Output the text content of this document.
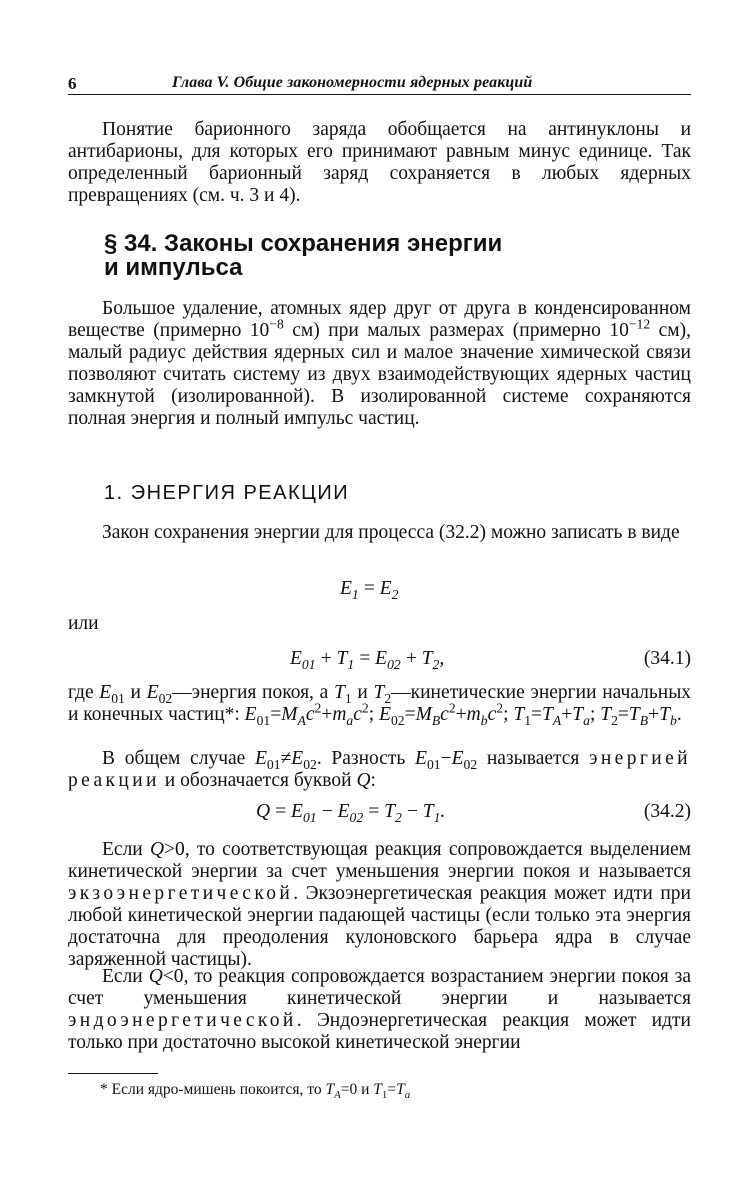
6	Глава V. Общие закономерности ядерных реакций
Понятие барионного заряда обобщается на антинуклоны и антибарионы, для которых его принимают равным минус единице. Так определенный барионный заряд сохраняется в любых ядерных превращениях (см. ч. 3 и 4).
§ 34. Законы сохранения энергии
и импульса
Большое удаление, атомных ядер друг от друга в конденсированном веществе (примерно $10^{-8}$ см) при малых размерах (примерно $10^{-12}$ см), малый радиус действия ядерных сил и малое значение химической связи позволяют считать систему из двух взаимодействующих ядерных частиц замкнутой (изолированной). В изолированной системе сохраняются полная энергия и полный импульс частиц.
1. ЭНЕРГИЯ РЕАКЦИИ
Закон сохранения энергии для процесса (32.2) можно записать в виде
$E_1 = E_2$
или
$E_{01} + T_1 = E_{02} + T_2$,	(34.1)
где $E_{01}$ и $E_{02}—энергия$ покоя, а $T_1$ и $T_2—кинетические$ энергии начальных и конечных частиц*: $E_{01}=M_Ac^2+m_ac^2$; $E_{02}=M_Bc^2+m_bc^2$; $T_1=T_A+T_a$; $T_2=T_B+T_b$.
В общем случае $E_{01}\ne E_{02}$. Разность $E_{01}-E_{02}$ называется энергией реакции и обозначается буквой Q:
$Q = E_{01} - E_{02} = T_2 - T_1$.	(34.2)
Если Q>0, то соответствующая реакция сопровождается выделением кинетической энергии за счет уменьшения энергии покоя и называется экзоэнергетической. Экзоэнергетическая реакция может идти при любой кинетической энергии падающей частицы (если только эта энергия достаточна для преодоления кулоновского барьера ядра в случае заряженной частицы).
Если Q<0, то реакция сопровождается возрастанием энергии покоя за счет уменьшения кинетической энергии и называется эндоэнергетической. Эндоэнергетическая реакция может идти только при достаточно высокой кинетической энергии
* Если ядро-мишень покоится, то $T_A=0$ и $T_1=T_a$
